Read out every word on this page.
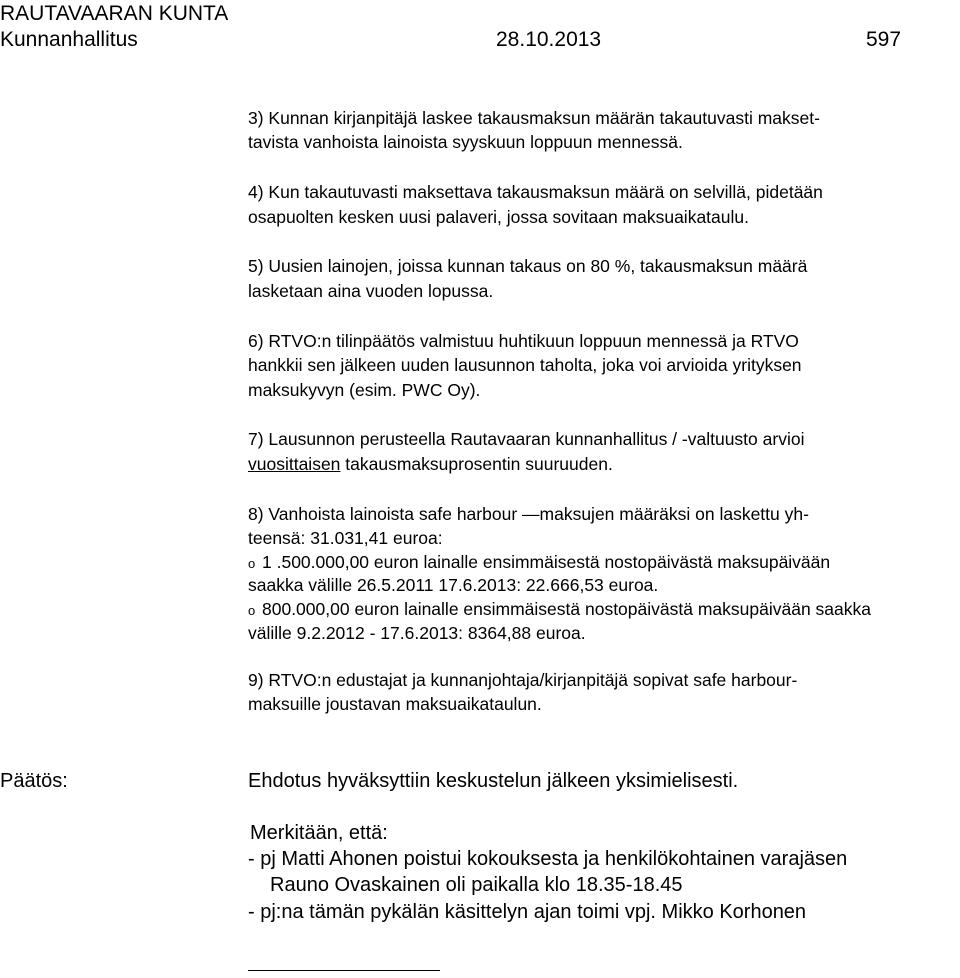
RAUTAVAARAN KUNTA
Kunnanhallitus	28.10.2013	597
3) Kunnan kirjanpitäjä laskee takausmaksun määrän takautuvasti makset-
tavista vanhoista lainoista syyskuun loppuun mennessä.
4) Kun takautuvasti maksettava takausmaksun määrä on selvillä, pidetään
osapuolten kesken uusi palaveri, jossa sovitaan maksuaikataulu.
5) Uusien lainojen, joissa kunnan takaus on 80 %, takausmaksun määrä
lasketaan aina vuoden lopussa.
6) RTVO:n tilinpäätös valmistuu huhtikuun loppuun mennessä ja RTVO
hankkii sen jälkeen uuden lausunnon taholta, joka voi arvioida yrityksen
maksukyvyn (esim. PWC Oy).
7) Lausunnon perusteella Rautavaaran kunnanhallitus / -valtuusto arvioi
vuosittaisen takausmaksuprosentin suuruuden.
8) Vanhoista lainoista safe harbour —maksujen määräksi on laskettu yh-
teensä: 31.031,41 euroa:
o 1 .500.000,00 euron lainalle ensimmäisestä nostopäivästä maksupäivään
saakka välille 26.5.2011 17.6.2013: 22.666,53 euroa.
o 800.000,00 euron lainalle ensimmäisestä nostopäivästä maksupäivään saakka
välille 9.2.2012 - 17.6.2013: 8364,88 euroa.
9) RTVO:n edustajat ja kunnanjohtaja/kirjanpitäjä sopivat safe harbour-
maksuille joustavan maksuaikataulun.
Päätös:	Ehdotus hyväksyttiin keskustelun jälkeen yksimielisesti.
Merkitään, että:
- pj Matti Ahonen poistui kokouksesta ja henkilökohtainen varajäsen
Rauno Ovaskainen oli paikalla klo 18.35-18.45
- pj:na tämän pykälän käsittelyn ajan toimi vpj. Mikko Korhonen
